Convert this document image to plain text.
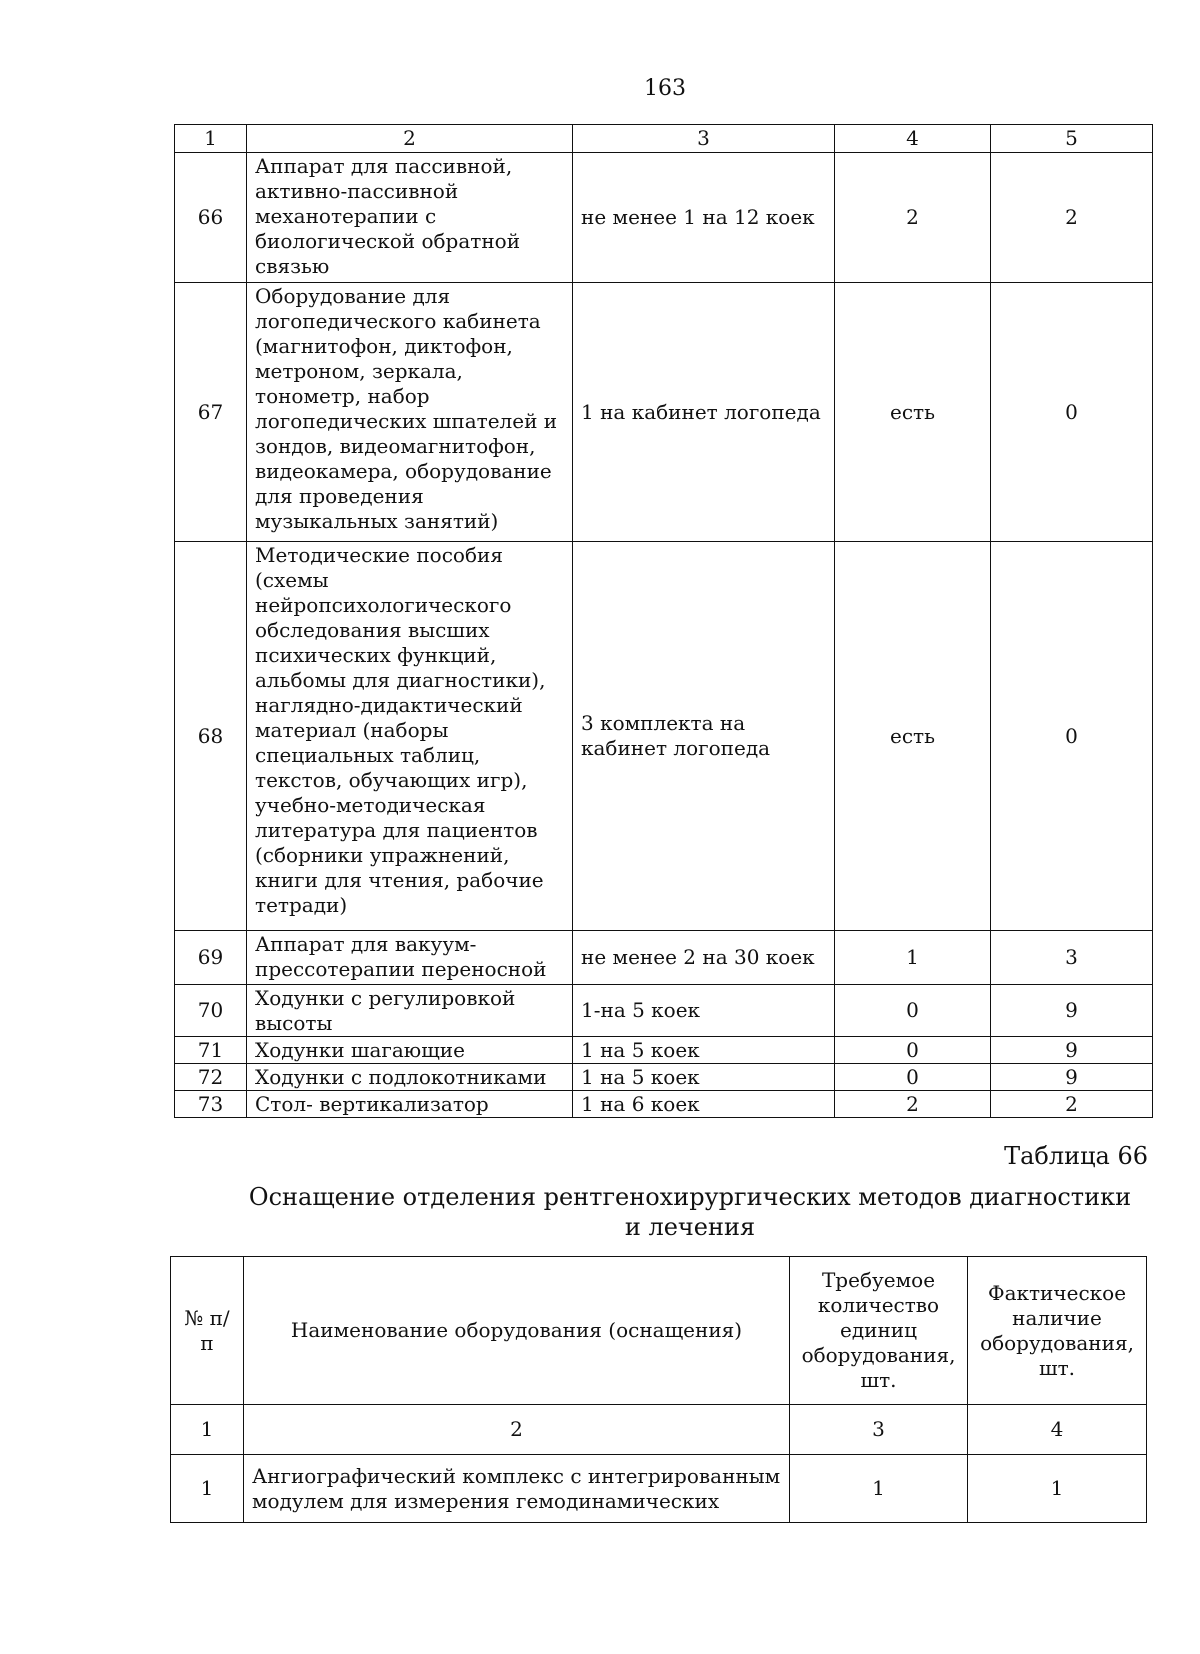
163
1	2	3	4	5
66	Аппарат для пассивной, активно-пассивной механотерапии с биологической обратной связью	не менее 1 на 12 коек	2	2
67	Оборудование для логопедического кабинета (магнитофон, диктофон, метроном, зеркала, тонометр, набор логопедических шпателей и зондов, видеомагнитофон, видеокамера, оборудование для проведения музыкальных занятий)	1 на кабинет логопеда	есть	0
68	Методические пособия (схемы нейропсихологического обследования высших психических функций, альбомы для диагностики), наглядно-дидактический материал (наборы специальных таблиц, текстов, обучающих игр), учебно-методическая литература для пациентов (сборники упражнений, книги для чтения, рабочие тетради)	3 комплекта на кабинет логопеда	есть	0
69	Аппарат для вакуум-прессотерапии переносной	не менее 2 на 30 коек	1	3
70	Ходунки с регулировкой высоты	1-на 5 коек	0	9
71	Ходунки шагающие	1 на 5 коек	0	9
72	Ходунки с подлокотниками	1 на 5 коек	0	9
73	Стол- вертикализатор	1 на 6 коек	2	2
Таблица 66
Оснащение отделения рентгенохирургических методов диагностики и лечения
№ п/п	Наименование оборудования (оснащения)	Требуемое количество единиц оборудования, шт.	Фактическое наличие оборудования, шт.
1	2	3	4
1	Ангиографический комплекс с интегрированным модулем для измерения гемодинамических	1	1
